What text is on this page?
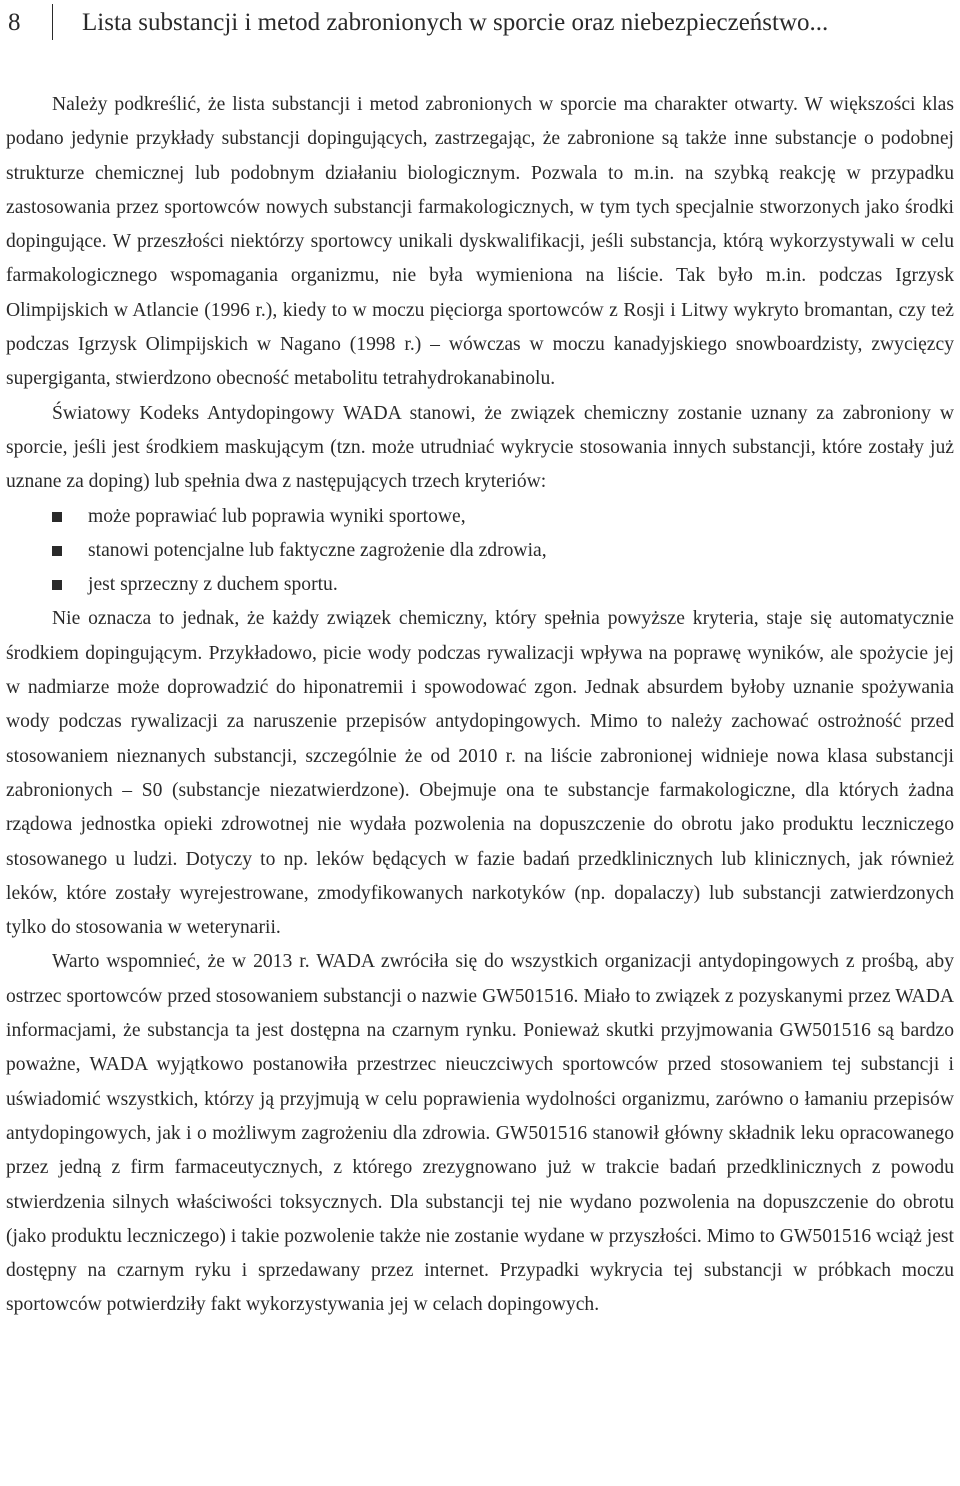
8 Lista substancji i metod zabronionych w sporcie oraz niebezpieczeństwo...

Należy podkreślić, że lista substancji i metod zabronionych w sporcie ma charakter otwarty. W większości klas podano jedynie przykłady substancji dopingujących, zastrzegając, że zabronione są także inne substancje o podobnej strukturze chemicznej lub podobnym działaniu biologicznym. Pozwala to m.in. na szybką reakcję w przypadku zastosowania przez sportowców nowych substancji farmakologicznych, w tym tych specjalnie stworzonych jako środki dopingujące. W przeszłości niektórzy sportowcy unikali dyskwalifikacji, jeśli substancja, którą wykorzystywali w celu farmakologicznego wspomagania organizmu, nie była wymieniona na liście. Tak było m.in. podczas Igrzysk Olimpijskich w Atlancie (1996 r.), kiedy to w moczu pięciorga sportowców z Rosji i Litwy wykryto bromantan, czy też podczas Igrzysk Olimpijskich w Nagano (1998 r.) – wówczas w moczu kanadyjskiego snowboardzisty, zwycięzcy supergiganta, stwierdzono obecność metabolitu tetrahydrokanabinolu.

Światowy Kodeks Antydopingowy WADA stanowi, że związek chemiczny zostanie uznany za zabroniony w sporcie, jeśli jest środkiem maskującym (tzn. może utrudniać wykrycie stosowania innych substancji, które zostały już uznane za doping) lub spełnia dwa z następujących trzech kryteriów:

może poprawiać lub poprawia wyniki sportowe,
stanowi potencjalne lub faktyczne zagrożenie dla zdrowia,
jest sprzeczny z duchem sportu.

Nie oznacza to jednak, że każdy związek chemiczny, który spełnia powyższe kryteria, staje się automatycznie środkiem dopingującym. Przykładowo, picie wody podczas rywalizacji wpływa na poprawę wyników, ale spożycie jej w nadmiarze może doprowadzić do hiponatremii i spowodować zgon. Jednak absurdem byłoby uznanie spożywania wody podczas rywalizacji za naruszenie przepisów antydopingowych. Mimo to należy zachować ostrożność przed stosowaniem nieznanych substancji, szczególnie że od 2010 r. na liście zabronionej widnieje nowa klasa substancji zabronionych – S0 (substancje niezatwierdzone). Obejmuje ona te substancje farmakologiczne, dla których żadna rządowa jednostka opieki zdrowotnej nie wydała pozwolenia na dopuszczenie do obrotu jako produktu leczniczego stosowanego u ludzi. Dotyczy to np. leków będących w fazie badań przedklinicznych lub klinicznych, jak również leków, które zostały wyrejestrowane, zmodyfikowanych narkotyków (np. dopalaczy) lub substancji zatwierdzonych tylko do stosowania w weterynarii.

Warto wspomnieć, że w 2013 r. WADA zwróciła się do wszystkich organizacji antydopingowych z prośbą, aby ostrzec sportowców przed stosowaniem substancji o nazwie GW501516. Miało to związek z pozyskanymi przez WADA informacjami, że substancja ta jest dostępna na czarnym rynku. Ponieważ skutki przyjmowania GW501516 są bardzo poważne, WADA wyjątkowo postanowiła przestrzec nieuczciwych sportowców przed stosowaniem tej substancji i uświadomić wszystkich, którzy ją przyjmują w celu poprawienia wydolności organizmu, zarówno o łamaniu przepisów antydopingowych, jak i o możliwym zagrożeniu dla zdrowia. GW501516 stanowił główny składnik leku opracowanego przez jedną z firm farmaceutycznych, z którego zrezygnowano już w trakcie badań przedklinicznych z powodu stwierdzenia silnych właściwości toksycznych. Dla substancji tej nie wydano pozwolenia na dopuszczenie do obrotu (jako produktu leczniczego) i takie pozwolenie także nie zostanie wydane w przyszłości. Mimo to GW501516 wciąż jest dostępny na czarnym ryku i sprzedawany przez internet. Przypadki wykrycia tej substancji w próbkach moczu sportowców potwierdziły fakt wykorzystywania jej w celach dopingowych.
